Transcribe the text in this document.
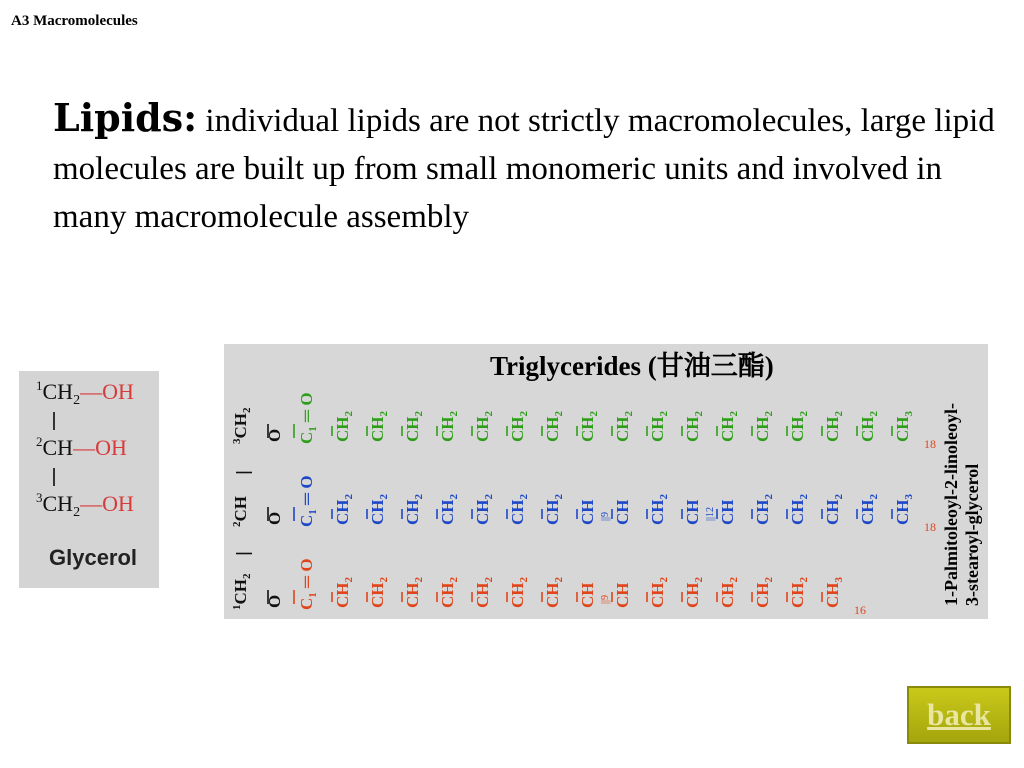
A3 Macromolecules
Lipids: individual lipids are not strictly macromolecules, large lipid molecules are built up from small monomeric units and involved in many macromolecule assembly
$^1CH_2—OH$
$^2$CH—OH
$^3CH_2—OH$
Glycerol
Triglycerides (甘油三酯)
$^3CH_2$
O $C_1$ ═ O
$CH_2$
$CH_2$
$CH_2$
$CH_2$
$CH_2$
$CH_2$
$CH_2$
$CH_2$
$CH_2$
$CH_2$
$CH_2$
$CH_2$
$CH_2$
$CH_2$
$CH_2$
$CH_2$
$CH_3$
18
$^2$CH O $C_1$ ═ O
$CH_2$
$CH_2$
$CH_2$
$CH_2$
$CH_2$
$CH_2$
$CH_2$
CH ||9 CH $CH_2$
CH ||12 CH $CH_2$
$CH_2$
$CH_2$
$CH_2$
$CH_3$
18
$^1CH_2$
O $C_1$ ═ O
$CH_2$
$CH_2$
$CH_2$
$CH_2$
$CH_2$
$CH_2$
$CH_2$
CH ||9 CH $CH_2$
$CH_2$
$CH_2$
$CH_2$
$CH_2$
$CH_3$
16
1-Palmitoleoyl-2-linoleoyl- 3-stearoyl-glycerol
back
